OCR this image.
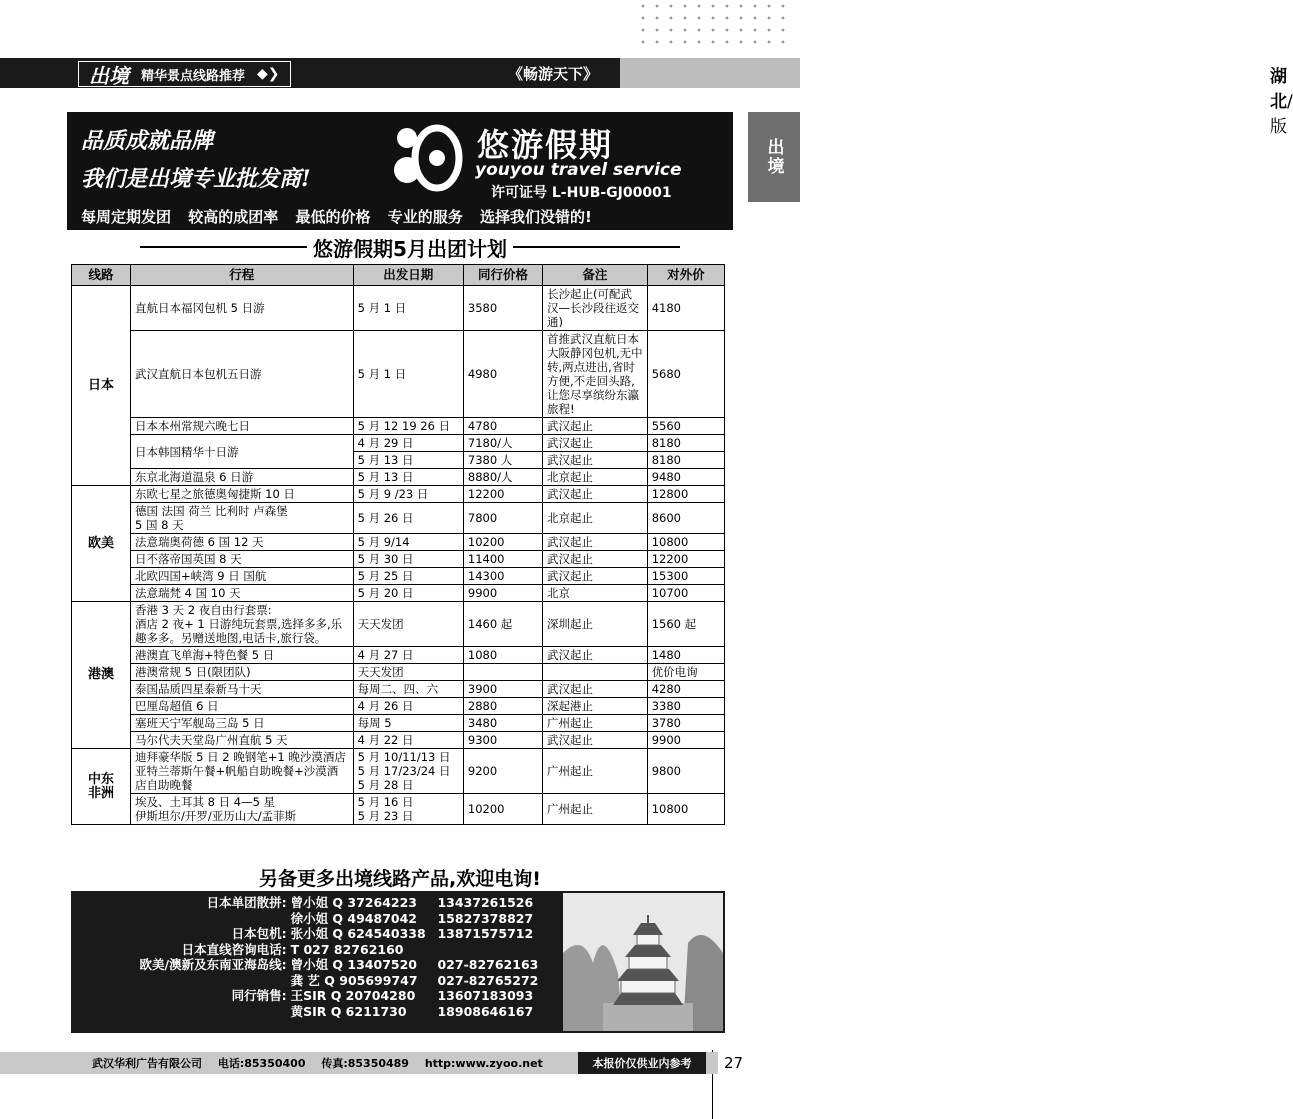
出境 精华景点线路推荐 ◆❯	《畅游天下》	湖北/版
出境
品质成就品牌
我们是出境专业批发商!
悠游假期
youyou travel service
许可证号 L-HUB-GJ00001
每周定期发团 较高的成团率 最低的价格 专业的服务 选择我们没错的!
悠游假期5月出团计划
线路	行程	出发日期	同行价格	备注	对外价
日本	直航日本福冈包机 5 日游	5 月 1 日	3580	长沙起止(可配武汉—长沙段往返交通)	4180
	武汉直航日本包机五日游	5 月 1 日	4980	首推武汉直航日本大阪静冈包机,无中转,两点进出,省时方便,不走回头路,让您尽享缤纷东瀛旅程!	5680
	日本本州常规六晚七日	5 月 12 19 26 日	4780	武汉起止	5560
	日本韩国精华十日游	4 月 29 日	7180/人	武汉起止	8180
		5 月 13 日	7380 人	武汉起止	8180
	东京北海道温泉 6 日游	5 月 13 日	8880/人	北京起止	9480
欧美	东欧七星之旅德奥匈捷斯 10 日	5 月 9 /23 日	12200	武汉起止	12800
	德国 法国 荷兰 比利时 卢森堡
5 国 8 天	5 月 26 日	7800	北京起止	8600
	法意瑞奥荷德 6 国 12 天	5 月 9/14	10200	武汉起止	10800
	日不落帝国英国 8 天	5 月 30 日	11400	武汉起止	12200
	北欧四国+峡湾 9 日 国航	5 月 25 日	14300	武汉起止	15300
	法意瑞梵 4 国 10 天	5 月 20 日	9900	北京	10700
港澳	香港 3 天 2 夜自由行套票:
酒店 2 夜+ 1 日游纯玩套票,选择多多,乐趣多多。另赠送地图,电话卡,旅行袋。	天天发团	1460 起	深圳起止	1560 起
	港澳直飞单海+特色餐 5 日	4 月 27 日	1080	武汉起止	1480
	港澳常规 5 日(限团队)	天天发团			优价电询
	泰国品质四星泰新马十天	每周二、四、六	3900	武汉起止	4280
	巴厘岛超值 6 日	4 月 26 日	2880	深起港止	3380
	塞班天宁军舰岛三岛 5 日	每周 5	3480	广州起止	3780
	马尔代夫天堂岛广州直航 5 天	4 月 22 日	9300	武汉起止	9900
中东
非洲	迪拜豪华版 5 日 2 晚钢笔+1 晚沙漠酒店亚特兰蒂斯午餐+帆船自助晚餐+沙漠酒店自助晚餐	5 月 10/11/13 日
5 月 17/23/24 日
5 月 28 日	9200	广州起止	9800
	埃及、土耳其 8 日 4—5 星
伊斯坦尔/开罗/亚历山大/孟菲斯	5 月 16 日
5 月 23 日	10200	广州起止	10800
另备更多出境线路产品,欢迎电询!
日本单团散拼: 曾小姐 Q 37264223	13437261526
徐小姐 Q 49487042	15827378827
日本包机: 张小姐 Q 624540338 13871575712
日本直线咨询电话: T 027 82762160
欧美/澳新及东南亚海岛线: 曾小姐 Q 13407520	027-82762163
龚 艺 Q 905699747	027-82765272
同行销售: 王SIR Q 20704280	13607183093
黄SIR Q 6211730	18908646167
武汉华利广告有限公司 电话:85350400 传真:85350489 http:www.zyoo.net	本报价仅供业内参考	27
